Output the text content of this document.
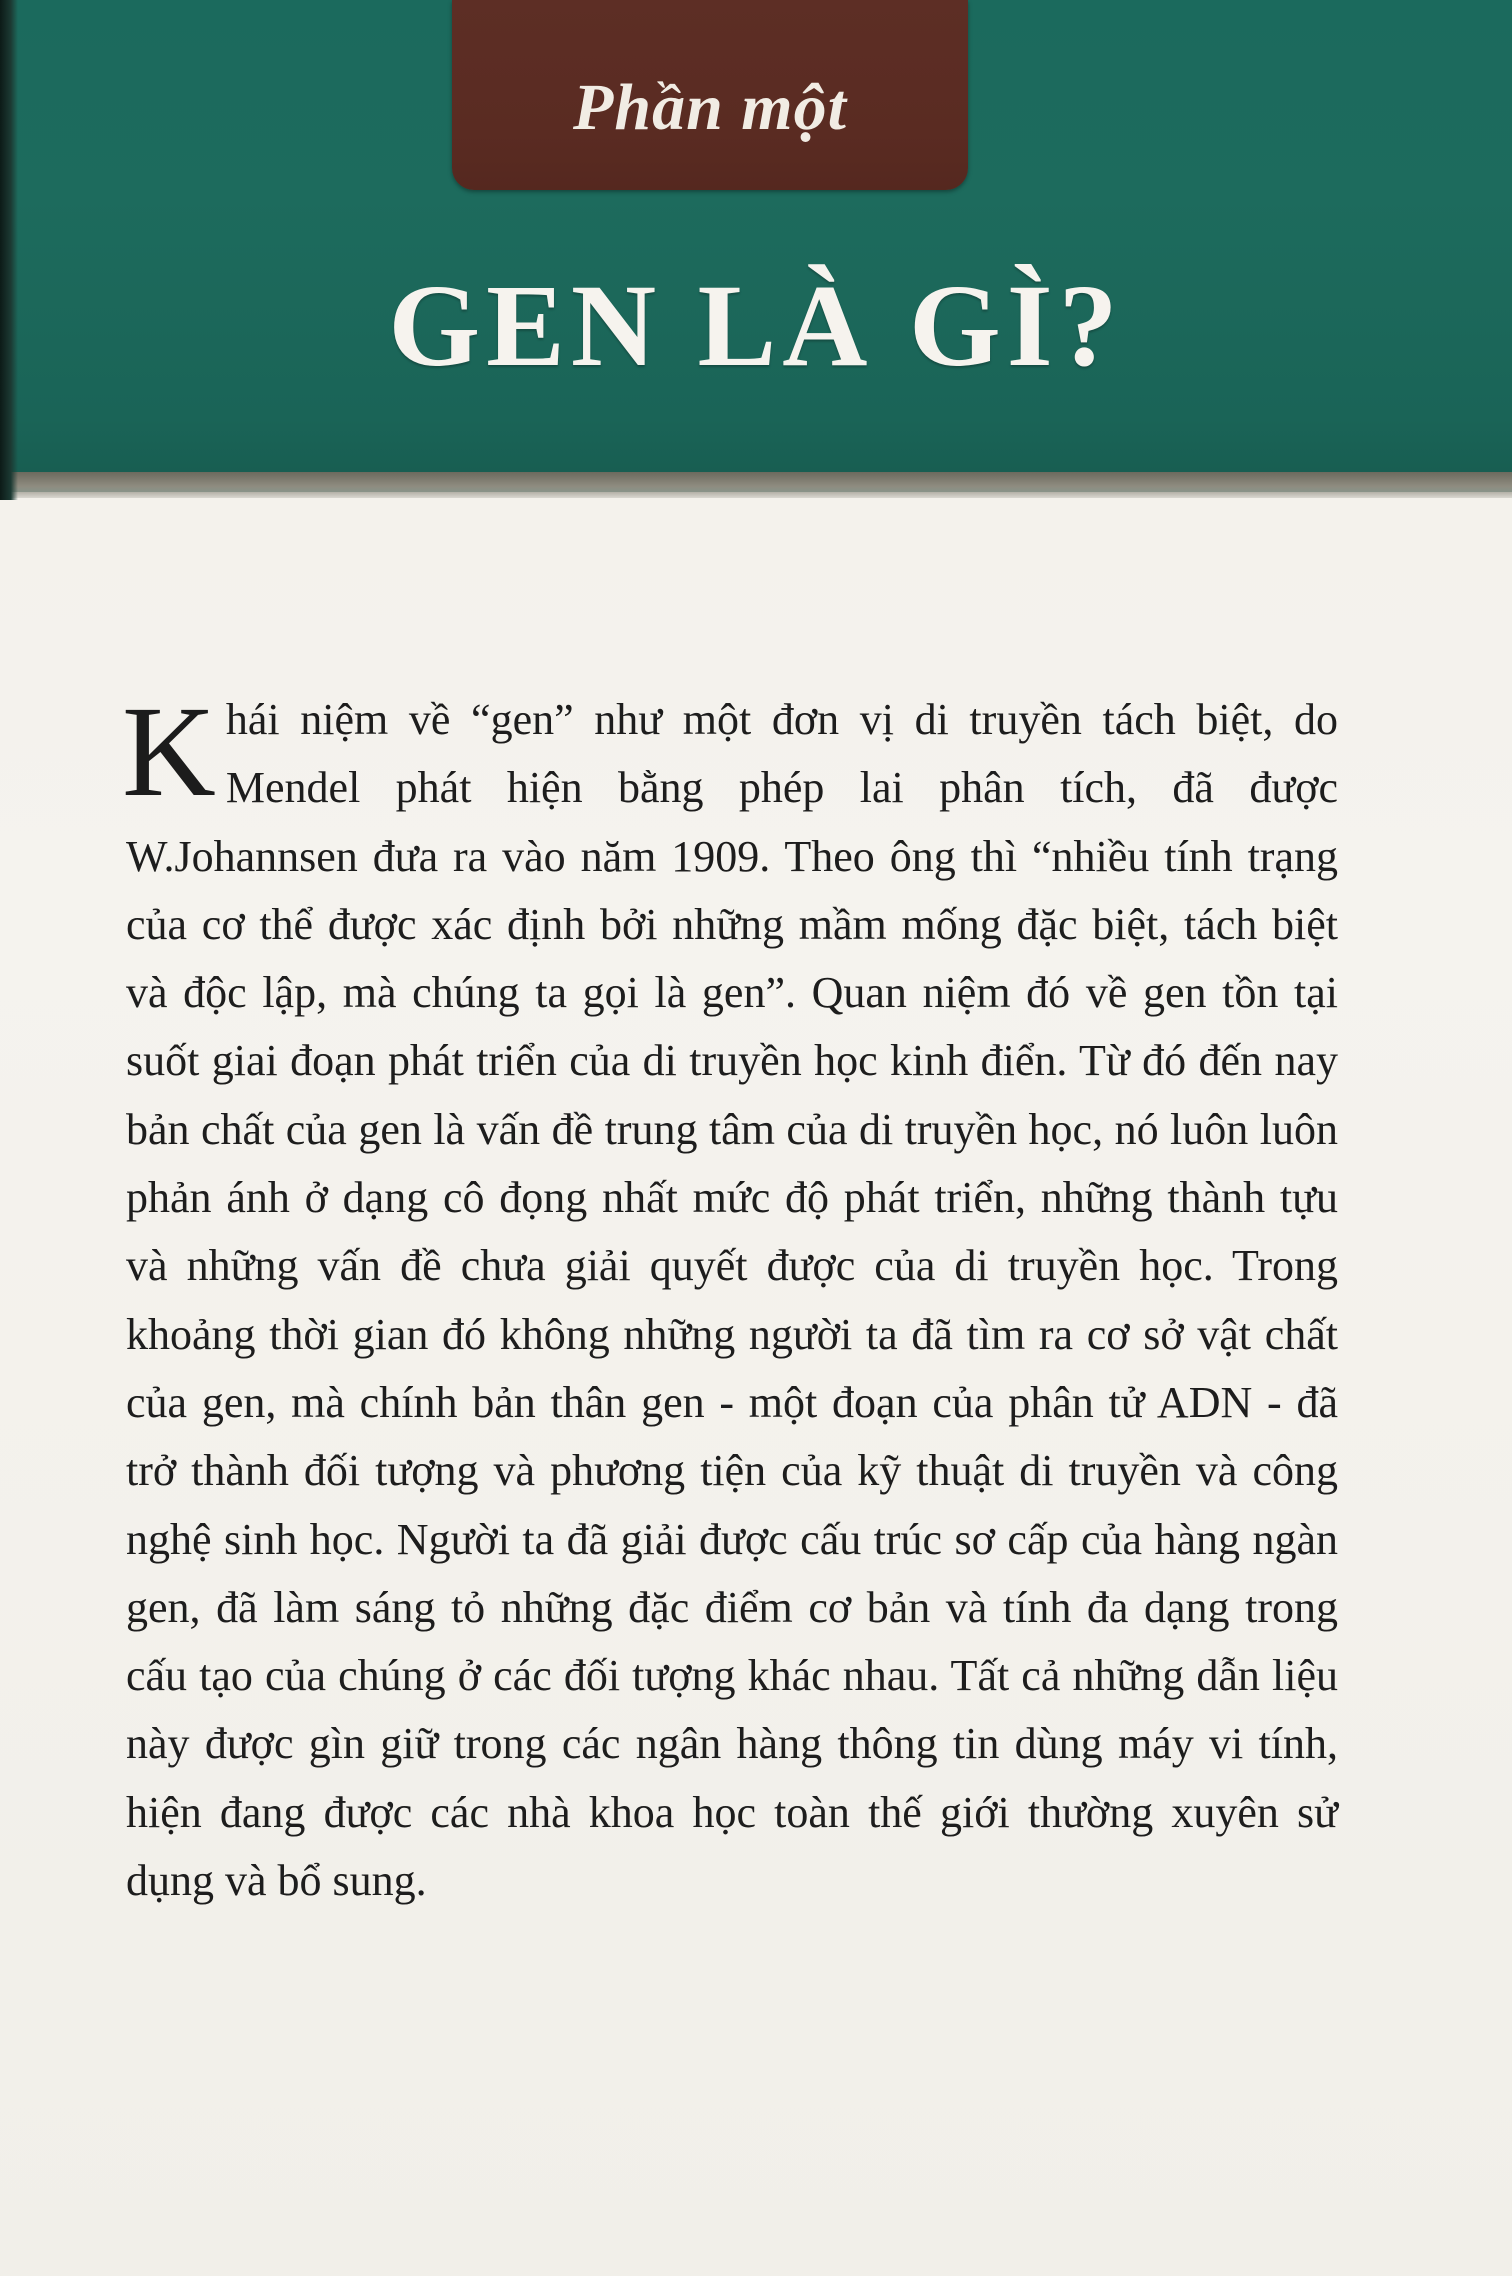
Phần một
GEN LÀ GÌ?
Khái niệm về “gen” như một đơn vị di truyền tách biệt, do Mendel phát hiện bằng phép lai phân tích, đã được W.Johannsen đưa ra vào năm 1909. Theo ông thì “nhiều tính trạng của cơ thể được xác định bởi những mầm mống đặc biệt, tách biệt và độc lập, mà chúng ta gọi là gen”. Quan niệm đó về gen tồn tại suốt giai đoạn phát triển của di truyền học kinh điển. Từ đó đến nay bản chất của gen là vấn đề trung tâm của di truyền học, nó luôn luôn phản ánh ở dạng cô đọng nhất mức độ phát triển, những thành tựu và những vấn đề chưa giải quyết được của di truyền học. Trong khoảng thời gian đó không những người ta đã tìm ra cơ sở vật chất của gen, mà chính bản thân gen - một đoạn của phân tử ADN - đã trở thành đối tượng và phương tiện của kỹ thuật di truyền và công nghệ sinh học. Người ta đã giải được cấu trúc sơ cấp của hàng ngàn gen, đã làm sáng tỏ những đặc điểm cơ bản và tính đa dạng trong cấu tạo của chúng ở các đối tượng khác nhau. Tất cả những dẫn liệu này được gìn giữ trong các ngân hàng thông tin dùng máy vi tính, hiện đang được các nhà khoa học toàn thế giới thường xuyên sử dụng và bổ sung.
